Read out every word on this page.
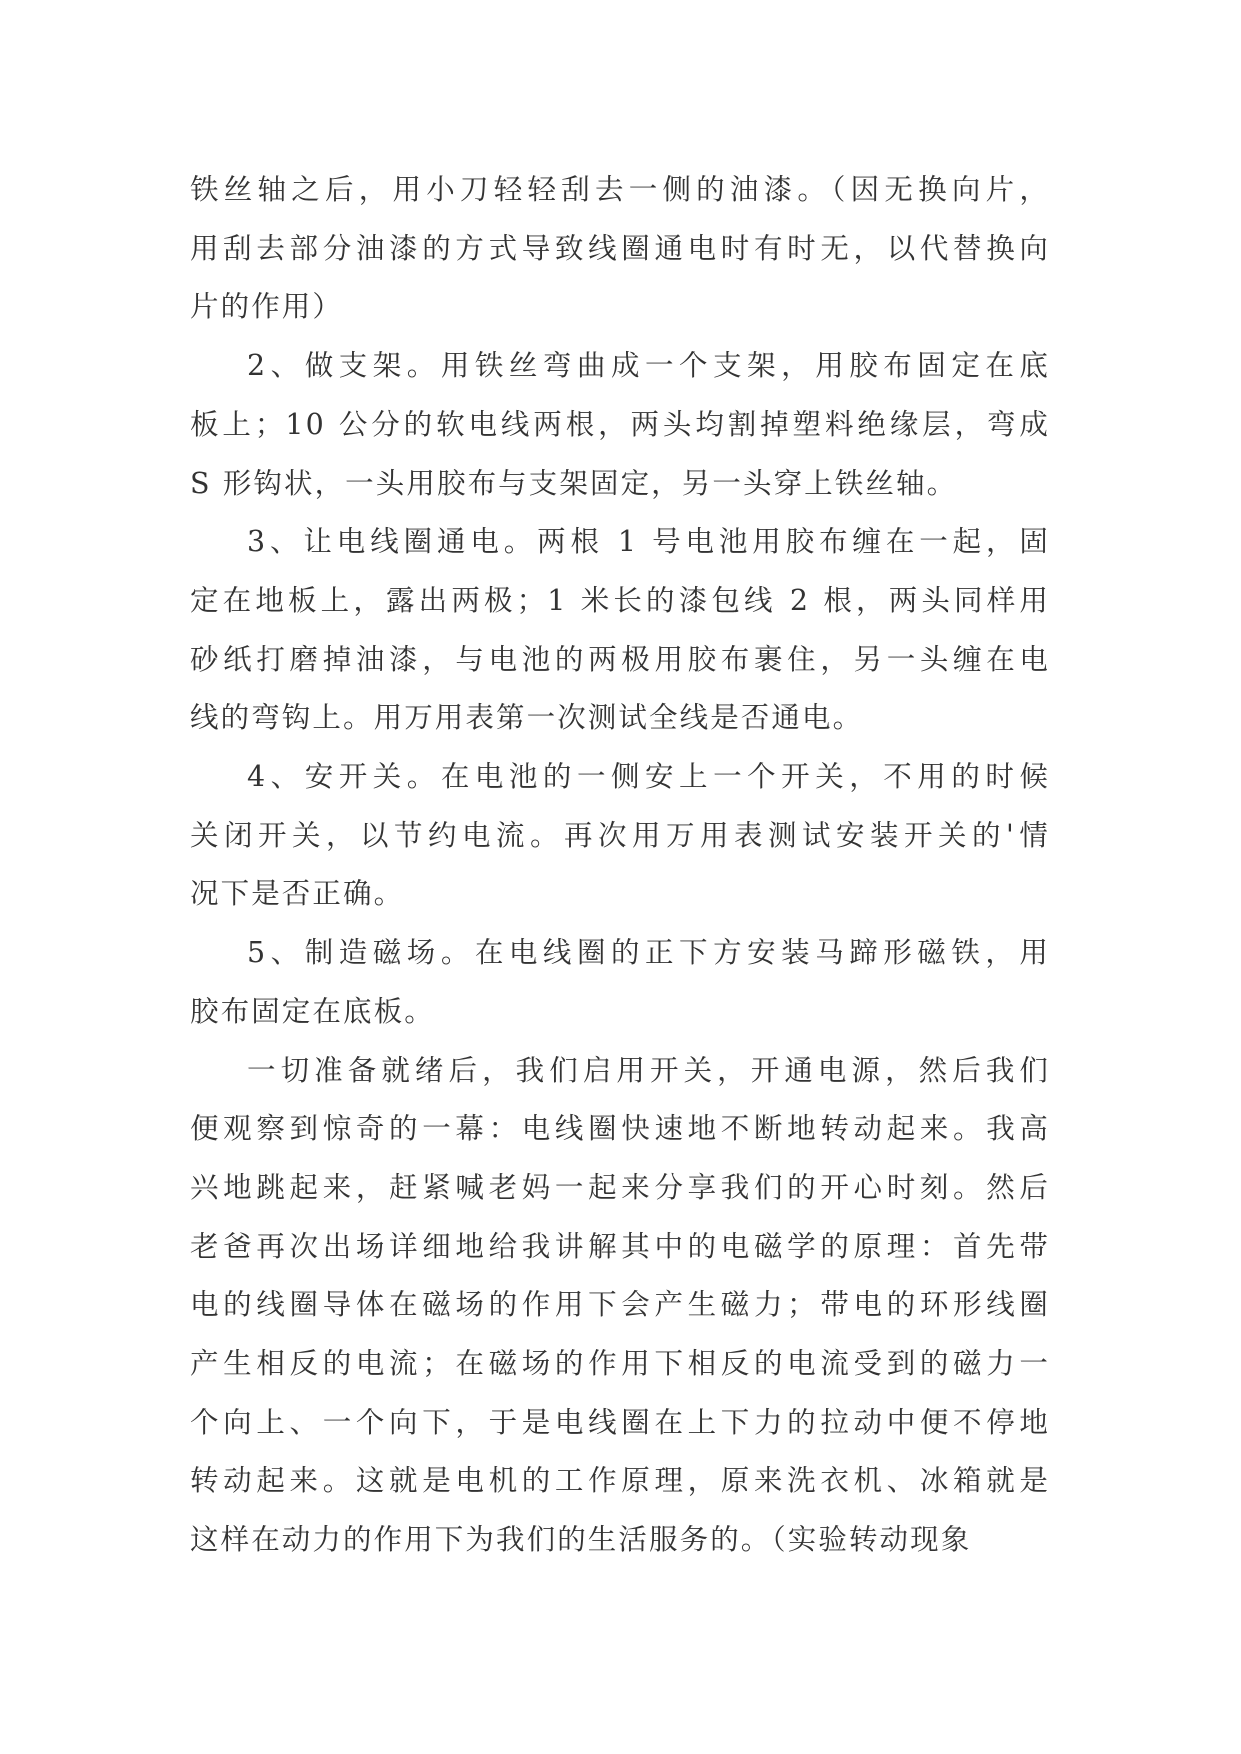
铁丝轴之后，用小刀轻轻刮去一侧的油漆。（因无换向片，
用刮去部分油漆的方式导致线圈通电时有时无，以代替换向
片的作用）

2、做支架。用铁丝弯曲成一个支架，用胶布固定在底
板上；10 公分的软电线两根，两头均割掉塑料绝缘层，弯成
S 形钩状，一头用胶布与支架固定，另一头穿上铁丝轴。

3、让电线圈通电。两根 1 号电池用胶布缠在一起，固
定在地板上，露出两极；1 米长的漆包线 2 根，两头同样用
砂纸打磨掉油漆，与电池的两极用胶布裹住，另一头缠在电
线的弯钩上。用万用表第一次测试全线是否通电。

4、安开关。在电池的一侧安上一个开关，不用的时候
关闭开关，以节约电流。再次用万用表测试安装开关的'情
况下是否正确。

5、制造磁场。在电线圈的正下方安装马蹄形磁铁，用
胶布固定在底板。

一切准备就绪后，我们启用开关，开通电源，然后我们
便观察到惊奇的一幕：电线圈快速地不断地转动起来。我高
兴地跳起来，赶紧喊老妈一起来分享我们的开心时刻。然后
老爸再次出场详细地给我讲解其中的电磁学的原理：首先带
电的线圈导体在磁场的作用下会产生磁力；带电的环形线圈
产生相反的电流；在磁场的作用下相反的电流受到的磁力一
个向上、一个向下，于是电线圈在上下力的拉动中便不停地
转动起来。这就是电机的工作原理，原来洗衣机、冰箱就是
这样在动力的作用下为我们的生活服务的。（实验转动现象
